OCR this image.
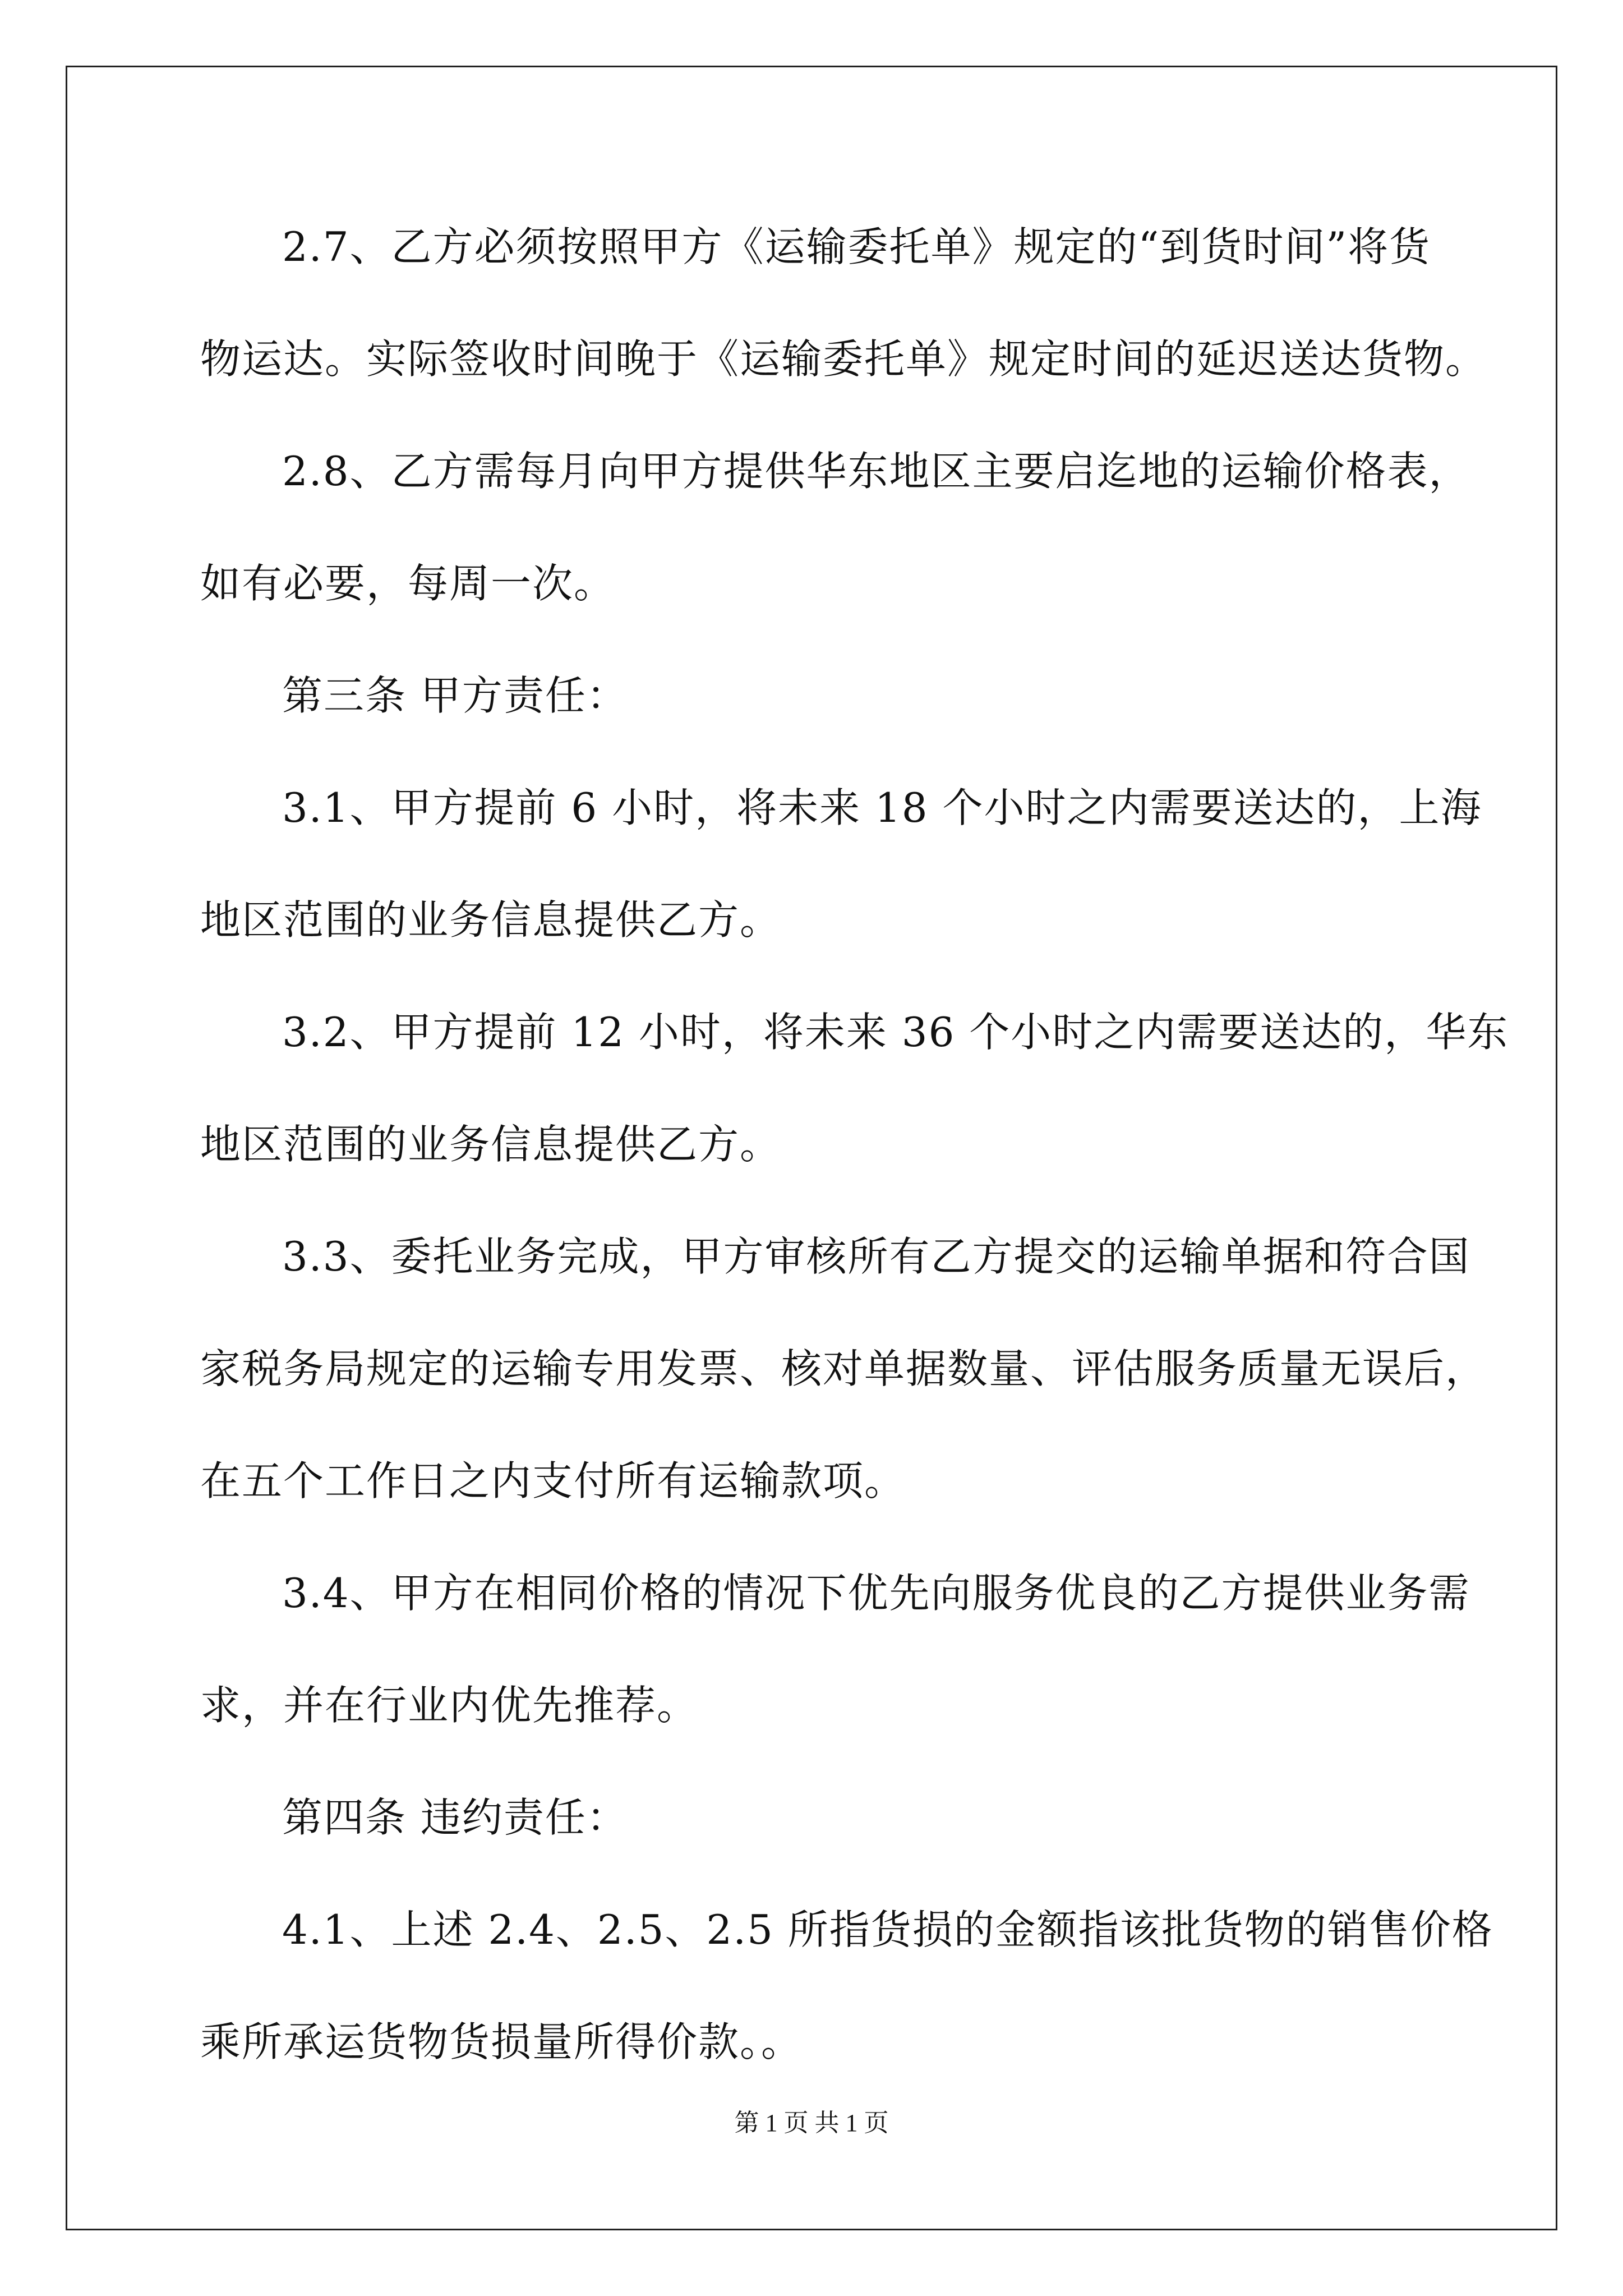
2.7、乙方必须按照甲方《运输委托单》规定的“到货时间”将货
物运达。实际签收时间晚于《运输委托单》规定时间的延迟送达货物。
2.8、乙方需每月向甲方提供华东地区主要启迄地的运输价格表，
如有必要，每周一次。
第三条 甲方责任：
3.1、甲方提前 6 小时，将未来 18 个小时之内需要送达的，上海
地区范围的业务信息提供乙方。
3.2、甲方提前 12 小时，将未来 36 个小时之内需要送达的，华东
地区范围的业务信息提供乙方。
3.3、委托业务完成，甲方审核所有乙方提交的运输单据和符合国
家税务局规定的运输专用发票、核对单据数量、评估服务质量无误后，
在五个工作日之内支付所有运输款项。
3.4、甲方在相同价格的情况下优先向服务优良的乙方提供业务需
求，并在行业内优先推荐。
第四条 违约责任：
4.1、上述 2.4、2.5、2.5 所指货损的金额指该批货物的销售价格
乘所承运货物货损量所得价款。。
第 1 页 共 1 页
